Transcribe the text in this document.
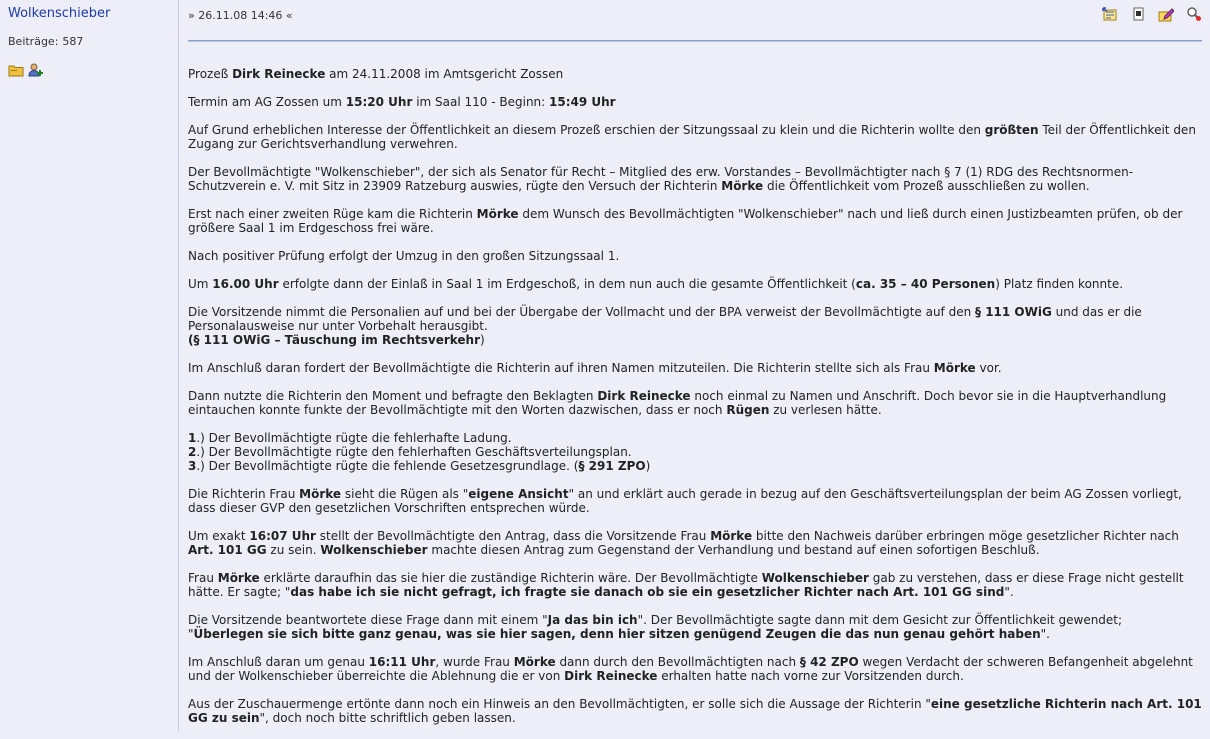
Wolkenschieber
Beiträge: 587
» 26.11.08 14:46 «

Prozeß Dirk Reinecke am 24.11.2008 im Amtsgericht Zossen

Termin am AG Zossen um 15:20 Uhr im Saal 110 - Beginn: 15:49 Uhr

Auf Grund erheblichen Interesse der Öffentlichkeit an diesem Prozeß erschien der Sitzungssaal zu klein und die Richterin wollte den größten Teil der Öffentlichkeit den Zugang zur Gerichtsverhandlung verwehren.

Der Bevollmächtigte "Wolkenschieber", der sich als Senator für Recht – Mitglied des erw. Vorstandes – Bevollmächtigter nach § 7 (1) RDG des Rechtsnormen-Schutzverein e. V. mit Sitz in 23909 Ratzeburg auswies, rügte den Versuch der Richterin Mörke die Öffentlichkeit vom Prozeß ausschließen zu wollen.

Erst nach einer zweiten Rüge kam die Richterin Mörke dem Wunsch des Bevollmächtigten "Wolkenschieber" nach und ließ durch einen Justizbeamten prüfen, ob der größere Saal 1 im Erdgeschoss frei wäre.

Nach positiver Prüfung erfolgt der Umzug in den großen Sitzungssaal 1.

Um 16.00 Uhr erfolgte dann der Einlaß in Saal 1 im Erdgeschoß, in dem nun auch die gesamte Öffentlichkeit (ca. 35 – 40 Personen) Platz finden konnte.

Die Vorsitzende nimmt die Personalien auf und bei der Übergabe der Vollmacht und der BPA verweist der Bevollmächtigte auf den § 111 OWiG und das er die Personalausweise nur unter Vorbehalt herausgibt.
(§ 111 OWiG – Täuschung im Rechtsverkehr)

Im Anschluß daran fordert der Bevollmächtigte die Richterin auf ihren Namen mitzuteilen. Die Richterin stellte sich als Frau Mörke vor.

Dann nutzte die Richterin den Moment und befragte den Beklagten Dirk Reinecke noch einmal zu Namen und Anschrift. Doch bevor sie in die Hauptverhandlung eintauchen konnte funkte der Bevollmächtigte mit den Worten dazwischen, dass er noch Rügen zu verlesen hätte.

1.) Der Bevollmächtigte rügte die fehlerhafte Ladung.
2.) Der Bevollmächtigte rügte den fehlerhaften Geschäftsverteilungsplan.
3.) Der Bevollmächtigte rügte die fehlende Gesetzesgrundlage. (§ 291 ZPO)

Die Richterin Frau Mörke sieht die Rügen als "eigene Ansicht" an und erklärt auch gerade in bezug auf den Geschäftsverteilungsplan der beim AG Zossen vorliegt, dass dieser GVP den gesetzlichen Vorschriften entsprechen würde.

Um exakt 16:07 Uhr stellt der Bevollmächtigte den Antrag, dass die Vorsitzende Frau Mörke bitte den Nachweis darüber erbringen möge gesetzlicher Richter nach Art. 101 GG zu sein. Wolkenschieber machte diesen Antrag zum Gegenstand der Verhandlung und bestand auf einen sofortigen Beschluß.

Frau Mörke erklärte daraufhin das sie hier die zuständige Richterin wäre. Der Bevollmächtigte Wolkenschieber gab zu verstehen, dass er diese Frage nicht gestellt hätte. Er sagte; "das habe ich sie nicht gefragt, ich fragte sie danach ob sie ein gesetzlicher Richter nach Art. 101 GG sind".

Die Vorsitzende beantwortete diese Frage dann mit einem "Ja das bin ich". Der Bevollmächtigte sagte dann mit dem Gesicht zur Öffentlichkeit gewendet;
"Überlegen sie sich bitte ganz genau, was sie hier sagen, denn hier sitzen genügend Zeugen die das nun genau gehört haben".

Im Anschluß daran um genau 16:11 Uhr, wurde Frau Mörke dann durch den Bevollmächtigten nach § 42 ZPO wegen Verdacht der schweren Befangenheit abgelehnt und der Wolkenschieber überreichte die Ablehnung die er von Dirk Reinecke erhalten hatte nach vorne zur Vorsitzenden durch.

Aus der Zuschauermenge ertönte dann noch ein Hinweis an den Bevollmächtigten, er solle sich die Aussage der Richterin "eine gesetzliche Richterin nach Art. 101 GG zu sein", doch noch bitte schriftlich geben lassen.
